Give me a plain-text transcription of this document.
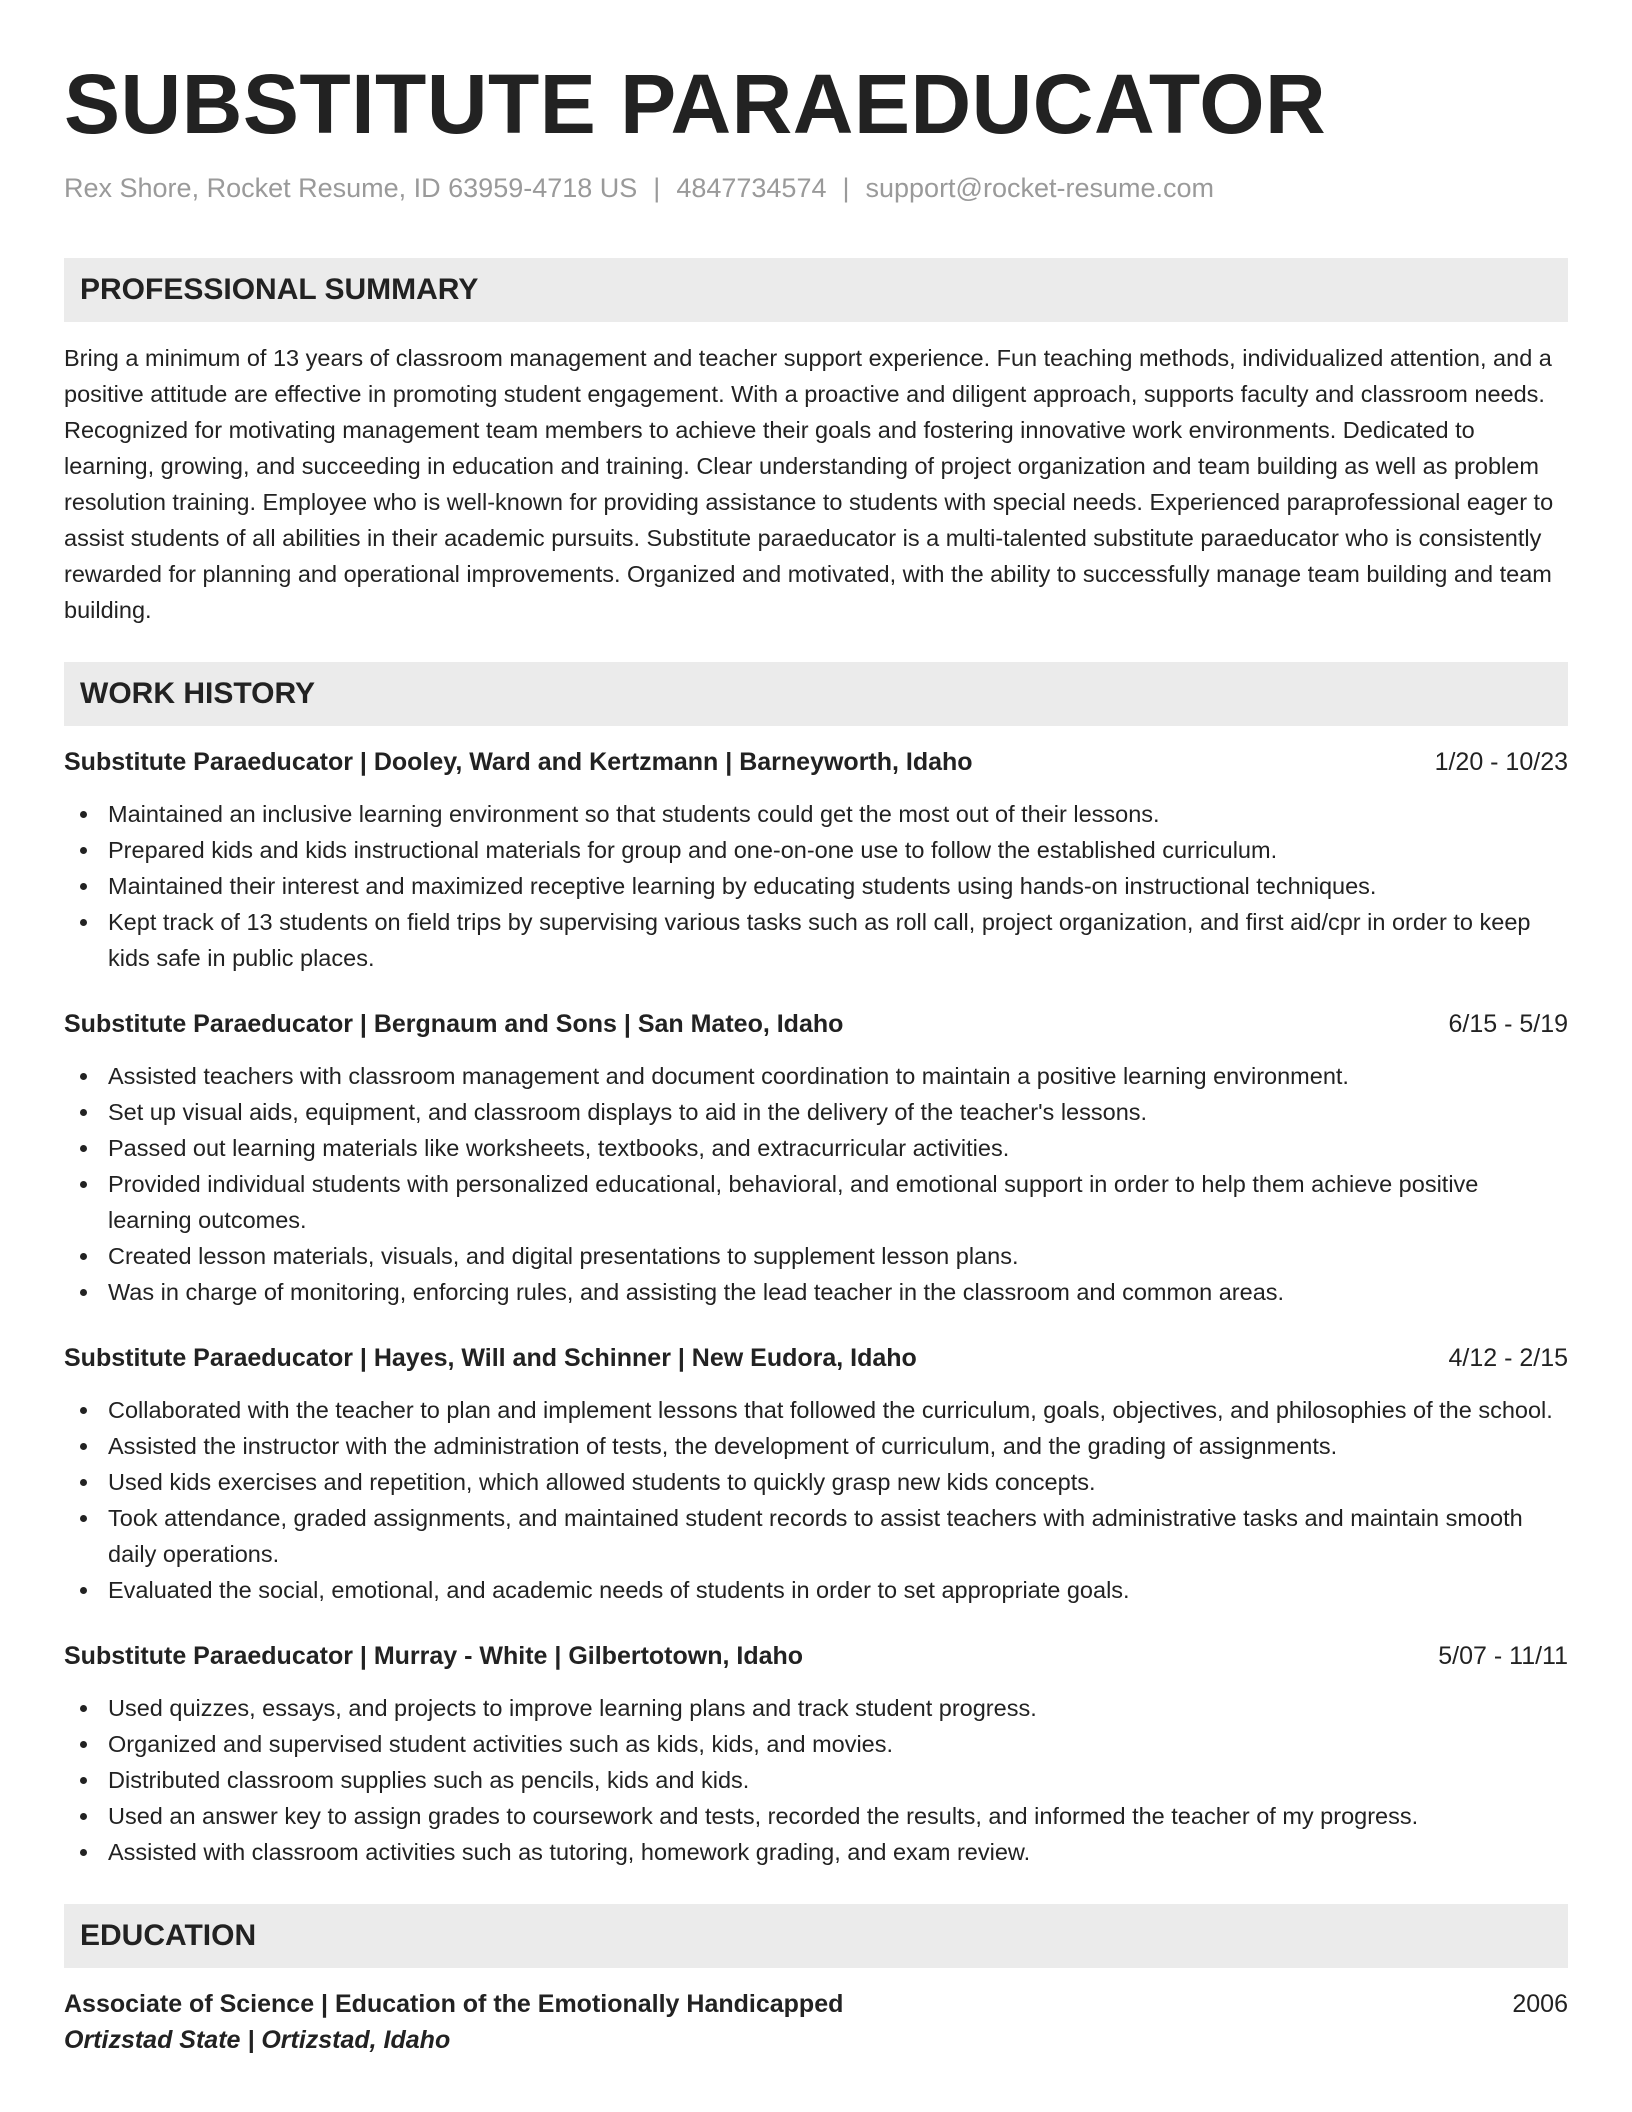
SUBSTITUTE PARAEDUCATOR
Rex Shore, Rocket Resume, ID 63959-4718 US | 4847734574 | support@rocket-resume.com
PROFESSIONAL SUMMARY
Bring a minimum of 13 years of classroom management and teacher support experience. Fun teaching methods, individualized attention, and a positive attitude are effective in promoting student engagement. With a proactive and diligent approach, supports faculty and classroom needs. Recognized for motivating management team members to achieve their goals and fostering innovative work environments. Dedicated to learning, growing, and succeeding in education and training. Clear understanding of project organization and team building as well as problem resolution training. Employee who is well-known for providing assistance to students with special needs. Experienced paraprofessional eager to assist students of all abilities in their academic pursuits. Substitute paraeducator is a multi-talented substitute paraeducator who is consistently rewarded for planning and operational improvements. Organized and motivated, with the ability to successfully manage team building and team building.
WORK HISTORY
Substitute Paraeducator | Dooley, Ward and Kertzmann | Barneyworth, Idaho	1/20 - 10/23
Maintained an inclusive learning environment so that students could get the most out of their lessons.
Prepared kids and kids instructional materials for group and one-on-one use to follow the established curriculum.
Maintained their interest and maximized receptive learning by educating students using hands-on instructional techniques.
Kept track of 13 students on field trips by supervising various tasks such as roll call, project organization, and first aid/cpr in order to keep kids safe in public places.
Substitute Paraeducator | Bergnaum and Sons | San Mateo, Idaho	6/15 - 5/19
Assisted teachers with classroom management and document coordination to maintain a positive learning environment.
Set up visual aids, equipment, and classroom displays to aid in the delivery of the teacher's lessons.
Passed out learning materials like worksheets, textbooks, and extracurricular activities.
Provided individual students with personalized educational, behavioral, and emotional support in order to help them achieve positive learning outcomes.
Created lesson materials, visuals, and digital presentations to supplement lesson plans.
Was in charge of monitoring, enforcing rules, and assisting the lead teacher in the classroom and common areas.
Substitute Paraeducator | Hayes, Will and Schinner | New Eudora, Idaho	4/12 - 2/15
Collaborated with the teacher to plan and implement lessons that followed the curriculum, goals, objectives, and philosophies of the school.
Assisted the instructor with the administration of tests, the development of curriculum, and the grading of assignments.
Used kids exercises and repetition, which allowed students to quickly grasp new kids concepts.
Took attendance, graded assignments, and maintained student records to assist teachers with administrative tasks and maintain smooth daily operations.
Evaluated the social, emotional, and academic needs of students in order to set appropriate goals.
Substitute Paraeducator | Murray - White | Gilbertotown, Idaho	5/07 - 11/11
Used quizzes, essays, and projects to improve learning plans and track student progress.
Organized and supervised student activities such as kids, kids, and movies.
Distributed classroom supplies such as pencils, kids and kids.
Used an answer key to assign grades to coursework and tests, recorded the results, and informed the teacher of my progress.
Assisted with classroom activities such as tutoring, homework grading, and exam review.
EDUCATION
Associate of Science | Education of the Emotionally Handicapped	2006
Ortizstad State | Ortizstad, Idaho
